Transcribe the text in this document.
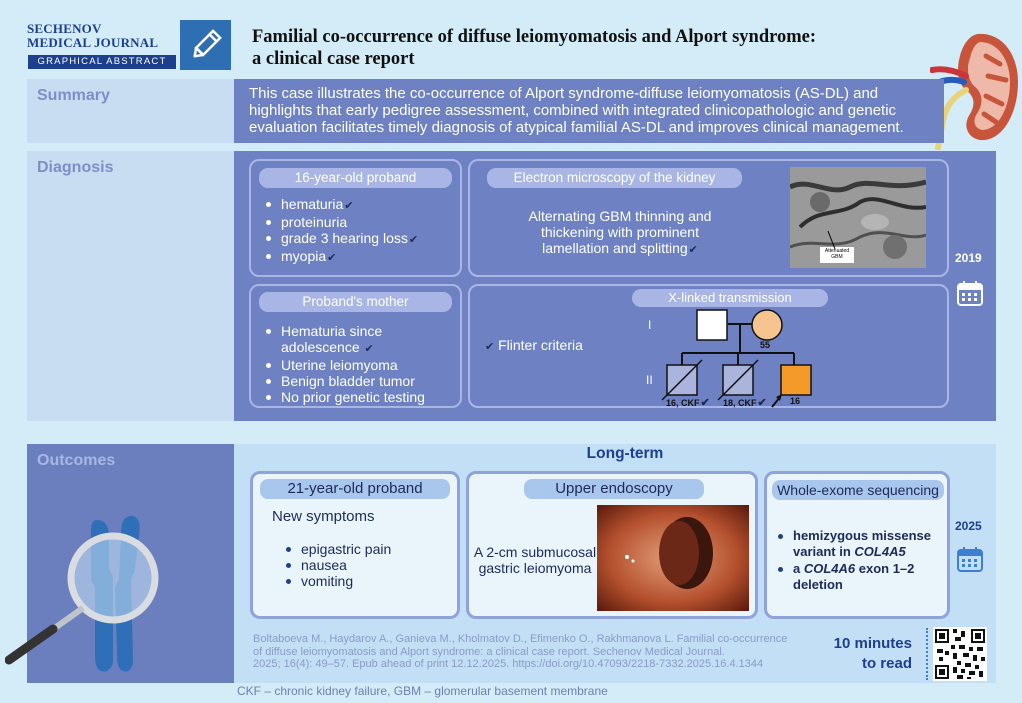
SECHENOV
MEDICAL JOURNAL
GRAPHICAL ABSTRACT
Familial co-occurrence of diffuse leiomyomatosis and Alport syndrome:
a clinical case report
Summary	This case illustrates the co-occurrence of Alport syndrome-diffuse leiomyomatosis (AS-DL) and highlights that early pedigree assessment, combined with integrated clinicopathologic and genetic evaluation facilitates timely diagnosis of atypical familial AS-DL and improves clinical management.
Diagnosis
16-year-old proband
hematuria✔
proteinuria
grade 3 hearing loss✔
myopia✔
Electron microscopy of the kidney
Alternating GBM thinning and
thickening with prominent
lamellation and splitting✔	Attenuated
GBM
Proband's mother
Hematuria since adolescence ✔
Uterine leiomyoma
Benign bladder tumor
No prior genetic testing
X-linked transmission
✔ Flinter criteria
I
II
55
16, CKF✔ 18, CKF✔	16
2019
Outcomes	Long-term
21-year-old proband
New symptoms
epigastric pain
nausea
vomiting
Upper endoscopy
A 2-cm submucosal
gastric leiomyoma
Whole-exome sequencing
hemizygous missense variant in COL4A5
a COL4A6 exon 1–2 deletion
2025
Boltaboeva M., Haydarov A., Ganieva M., Kholmatov D., Efimenko O., Rakhmanova L. Familial co-occurrence
of diffuse leiomyomatosis and Alport syndrome: a clinical case report. Sechenov Medical Journal.
2025; 16(4): 49–57. Epub ahead of print 12.12.2025. https://doi.org/10.47093/2218-7332.2025.16.4.1344
10 minutes
to read
CKF – chronic kidney failure, GBM – glomerular basement membrane
